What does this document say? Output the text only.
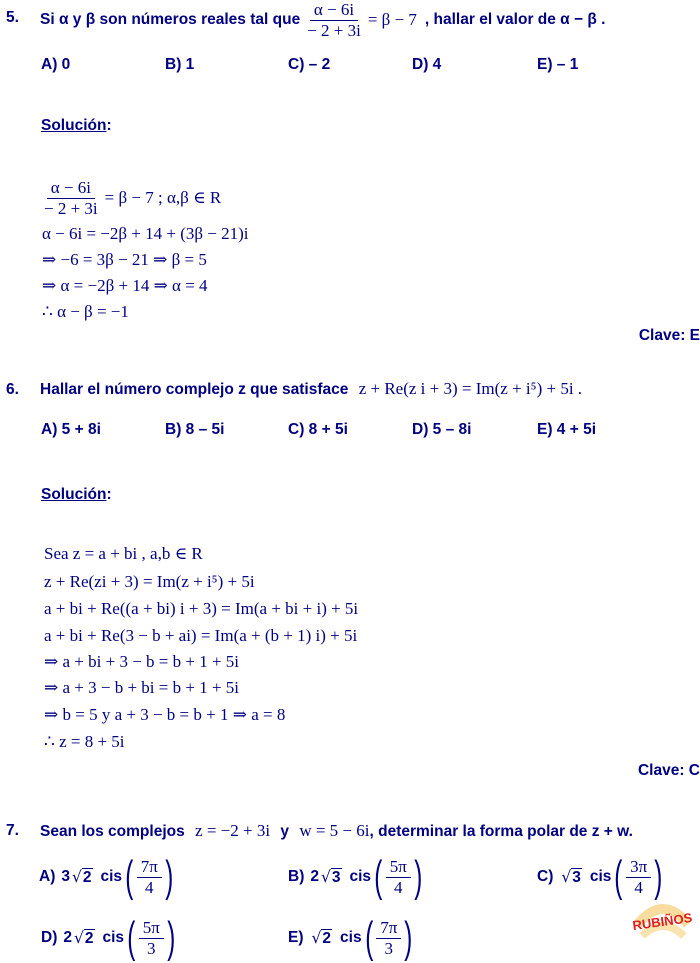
5. Si α y β son números reales tal que $\frac{\alpha - 6i}{- 2 + 3i} = \beta - 7$ , hallar el valor de α − β .
A) 0	B) 1	C) – 2	D) 4	E) – 1
Solución:
$\frac{\alpha - 6i}{- 2 + 3i} = \beta - 7$ ; α,β ∈ R
α − 6i = −2β + 14 + (3β − 21)i
⇒ −6 = 3β − 21 ⇒ β = 5
⇒ α = −2β + 14 ⇒ α = 4
∴ α − β = −1
Clave: E
6. Hallar el número complejo z que satisface z + Re(z i + 3) = Im(z + i⁵) + 5i .
A) 5 + 8i	B) 8 – 5i	C) 8 + 5i	D) 5 – 8i	E) 4 + 5i
Solución:
Sea z = a + bi , a,b ∈ R
z + Re(zi + 3) = Im(z + i⁵) + 5i
a + bi + Re((a + bi) i + 3) = Im(a + bi + i) + 5i
a + bi + Re(3 − b + ai) = Im(a + (b + 1) i) + 5i
⇒ a + bi + 3 − b = b + 1 + 5i
⇒ a + 3 − b + bi = b + 1 + 5i
⇒ b = 5 y a + 3 − b = b + 1 ⇒ a = 8
∴ z = 8 + 5i
Clave: C
7. Sean los complejos z = −2 + 3i y w = 5 − 6i, determinar la forma polar de z + w.
A) 3 √ 2 cis ( $\frac{7\pi}{4}$ )	B) 2 √ 3 cis ( $\frac{5\pi}{4}$ )	C) √ 3 cis ( $\frac{3\pi}{4}$ )
D) 2 √ 2 cis ( $\frac{5\pi}{3}$ )	E) √ 2 cis ( $\frac{7\pi}{3}$ )	RUBIÑOS
